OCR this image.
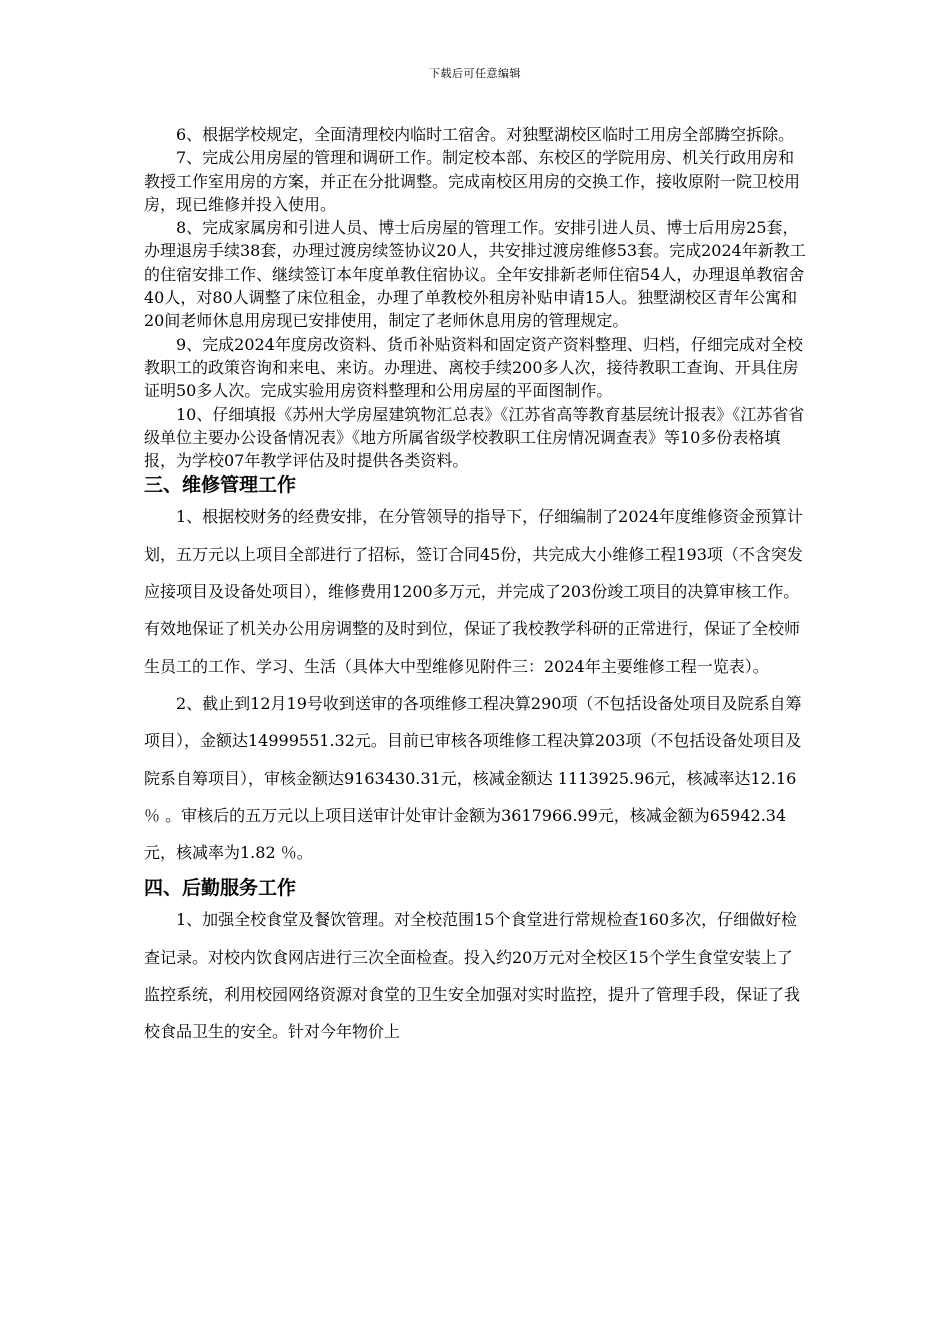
下载后可任意编辑

6、根据学校规定，全面清理校内临时工宿舍。对独墅湖校区临时工用房全部腾空拆除。

7、完成公用房屋的管理和调研工作。制定校本部、东校区的学院用房、机关行政用房和教授工作室用房的方案，并正在分批调整。完成南校区用房的交换工作，接收原附一院卫校用房，现已维修并投入使用。

8、完成家属房和引进人员、博士后房屋的管理工作。安排引进人员、博士后用房25套，办理退房手续38套，办理过渡房续签协议20人，共安排过渡房维修53套。完成2024年新教工的住宿安排工作、继续签订本年度单教住宿协议。全年安排新老师住宿54人，办理退单教宿舍40人，对80人调整了床位租金，办理了单教校外租房补贴申请15人。独墅湖校区青年公寓和20间老师休息用房现已安排使用，制定了老师休息用房的管理规定。

9、完成2024年度房改资料、货币补贴资料和固定资产资料整理、归档，仔细完成对全校教职工的政策咨询和来电、来访。办理进、离校手续200多人次，接待教职工查询、开具住房证明50多人次。完成实验用房资料整理和公用房屋的平面图制作。

10、仔细填报《苏州大学房屋建筑物汇总表》《江苏省高等教育基层统计报表》《江苏省省级单位主要办公设备情况表》《地方所属省级学校教职工住房情况调查表》等10多份表格填报，为学校07年教学评估及时提供各类资料。

三、维修管理工作

1、根据校财务的经费安排，在分管领导的指导下，仔细编制了2024年度维修资金预算计划，五万元以上项目全部进行了招标，签订合同45份，共完成大小维修工程193项（不含突发应接项目及设备处项目），维修费用1200多万元，并完成了203份竣工项目的决算审核工作。有效地保证了机关办公用房调整的及时到位，保证了我校教学科研的正常进行，保证了全校师生员工的工作、学习、生活（具体大中型维修见附件三：2024年主要维修工程一览表）。

2、截止到12月19号收到送审的各项维修工程决算290项（不包括设备处项目及院系自筹项目），金额达14999551.32元。目前已审核各项维修工程决算203项（不包括设备处项目及院系自筹项目），审核金额达9163430.31元，核减金额达 1113925.96元，核减率达12.16 ％ 。审核后的五万元以上项目送审计处审计金额为3617966.99元，核减金额为65942.34元，核减率为1.82 ％。

四、后勤服务工作

1、加强全校食堂及餐饮管理。对全校范围15个食堂进行常规检查160多次，仔细做好检查记录。对校内饮食网店进行三次全面检查。投入约20万元对全校区15个学生食堂安装上了监控系统，利用校园网络资源对食堂的卫生安全加强对实时监控，提升了管理手段，保证了我校食品卫生的安全。针对今年物价上
